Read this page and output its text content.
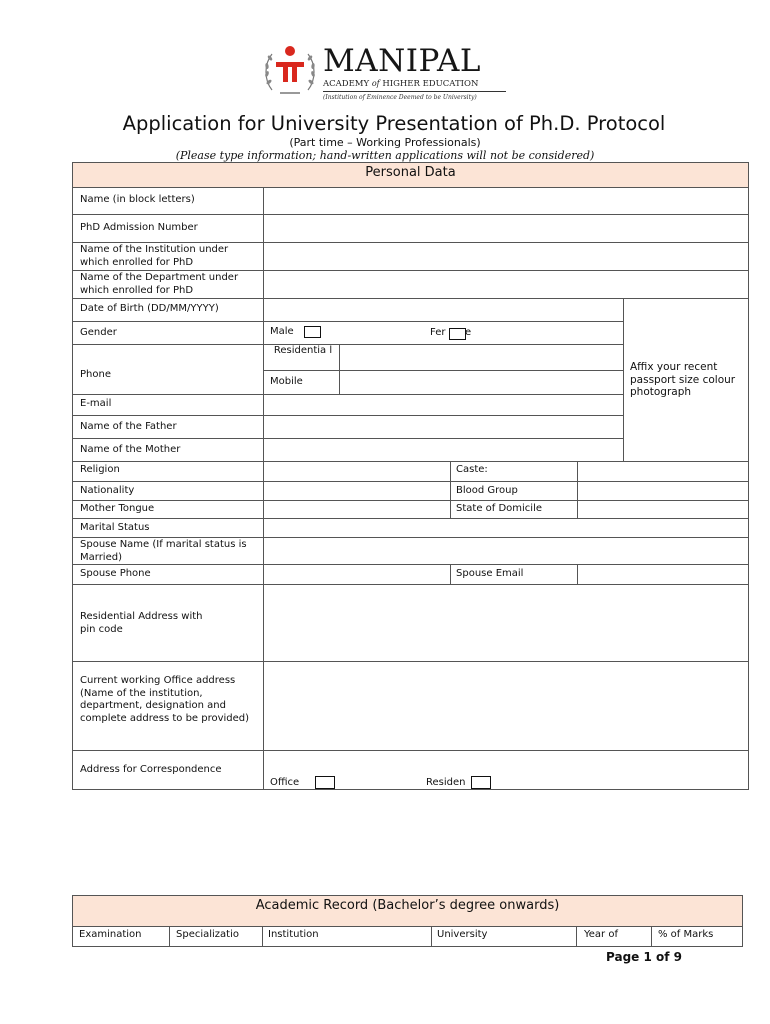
MANIPAL
ACADEMY of HIGHER EDUCATION
(Institution of Eminence Deemed to be University)
Application for University Presentation of Ph.D. Protocol
(Part time – Working Professionals)
(Please type information; hand-written applications will not be considered)
Personal Data
Name (in block letters)
PhD Admission Number
Name of the Institution under which enrolled for PhD
Name of the Department under which enrolled for PhD
Date of Birth (DD/MM/YYYY)
Gender	Male	Fer e
Phone
Residentia l
Mobile
Affix your recent passport size colour photograph
E-mail
Name of the Father
Name of the Mother
Religion	Caste:
Nationality	Blood Group
Mother Tongue	State of Domicile
Marital Status
Spouse Name (If marital status is Married)
Spouse Phone	Spouse Email
Residential Address with pin code
Current working Office address (Name of the institution, department, designation and complete address to be provided)
Address for Correspondence
Office	Residen
Academic Record (Bachelor’s degree onwards)
Examination	Specializatio	Institution	University	Year of	% of Marks
Page 1 of 9
